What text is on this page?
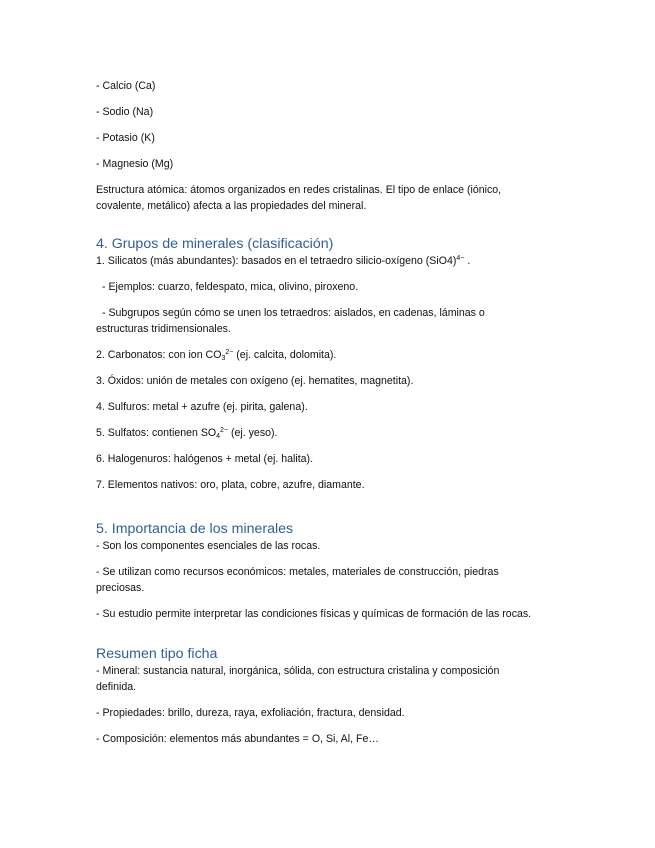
- Calcio (Ca)

- Sodio (Na)

- Potasio (K)

- Magnesio (Mg)

Estructura atómica: átomos organizados en redes cristalinas. El tipo de enlace (iónico, covalente, metálico) afecta a las propiedades del mineral.

4. Grupos de minerales (clasificación)

1. Silicatos (más abundantes): basados en el tetraedro silicio-oxígeno $(SiO4)^{4-}$ .

- Ejemplos: cuarzo, feldespato, mica, olivino, piroxeno.

- Subgrupos según cómo se unen los tetraedros: aislados, en cadenas, láminas o estructuras tridimensionales.

2. Carbonatos: con ion $CO_3^{2-}$ (ej. calcita, dolomita).

3. Óxidos: unión de metales con oxígeno (ej. hematites, magnetita).

4. Sulfuros: metal + azufre (ej. pirita, galena).

5. Sulfatos: contienen $SO_4^{2-}$ (ej. yeso).

6. Halogenuros: halógenos + metal (ej. halita).

7. Elementos nativos: oro, plata, cobre, azufre, diamante.

5. Importancia de los minerales

- Son los componentes esenciales de las rocas.

- Se utilizan como recursos económicos: metales, materiales de construcción, piedras preciosas.

- Su estudio permite interpretar las condiciones físicas y químicas de formación de las rocas.

Resumen tipo ficha

- Mineral: sustancia natural, inorgánica, sólida, con estructura cristalina y composición definida.

- Propiedades: brillo, dureza, raya, exfoliación, fractura, densidad.

- Composición: elementos más abundantes = O, Si, Al, Fe…
